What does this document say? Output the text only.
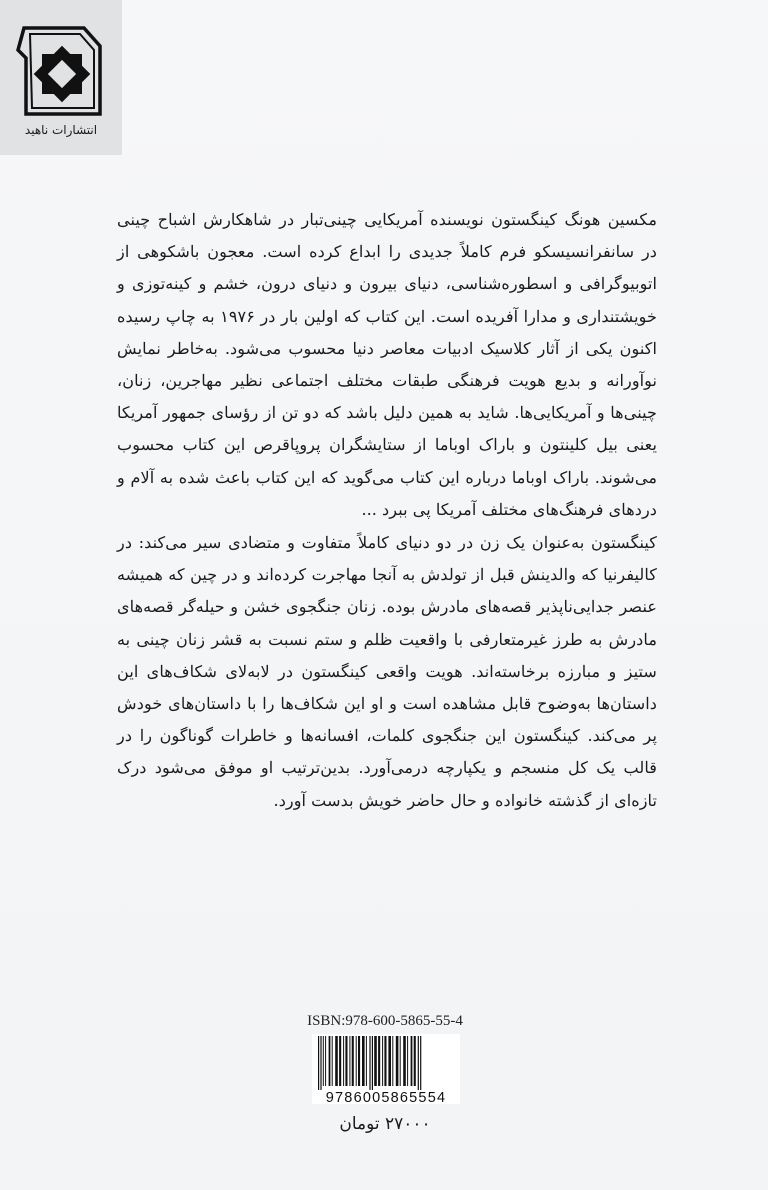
انتشارات ناهید

مکسین هونگ کینگستون نویسنده آمریکایی چینی‌تبار در شاهکارش اشباح چینی در سانفرانسیسکو فرم کاملاً جدیدی را ابداع کرده است. معجون باشکوهی از اتوبیوگرافی و اسطوره‌شناسی، دنیای بیرون و دنیای درون، خشم و کینه‌توزی و خویشتنداری و مدارا آفریده است. این کتاب که اولین بار در ۱۹۷۶ به چاپ رسیده اکنون یکی از آثار کلاسیک ادبیات معاصر دنیا محسوب می‌شود. به‌خاطر نمایش نوآورانه و بدیع هویت فرهنگی طبقات مختلف اجتماعی نظیر مهاجرین، زنان، چینی‌ها و آمریکایی‌ها. شاید به همین دلیل باشد که دو تن از رؤسای جمهور آمریکا یعنی بیل کلینتون و باراک اوباما از ستایشگران پروپاقرص این کتاب محسوب می‌شوند. باراک اوباما درباره این کتاب می‌گوید که این کتاب باعث شده به آلام و دردهای فرهنگ‌های مختلف آمریکا پی ببرد ...

کینگستون به‌عنوان یک زن در دو دنیای کاملاً متفاوت و متضادی سیر می‌کند: در کالیفرنیا که والدینش قبل از تولدش به آنجا مهاجرت کرده‌اند و در چین که همیشه عنصر جدایی‌ناپذیر قصه‌های مادرش بوده. زنان جنگجوی خشن و حیله‌گر قصه‌های مادرش به طرز غیرمتعارفی با واقعیت ظلم و ستم نسبت به قشر زنان چینی به ستیز و مبارزه برخاسته‌اند. هویت واقعی کینگستون در لابه‌لای شکاف‌های این داستان‌ها به‌وضوح قابل مشاهده است و او این شکاف‌ها را با داستان‌های خودش پر می‌کند. کینگستون این جنگجوی کلمات، افسانه‌ها و خاطرات گوناگون را در قالب یک کل منسجم و یکپارچه درمی‌آورد. بدین‌ترتیب او موفق می‌شود درک تازه‌ای از گذشته خانواده و حال حاضر خویش بدست آورد.

ISBN:978-600-5865-55-4
9786005865554
۲۷۰۰۰ تومان
